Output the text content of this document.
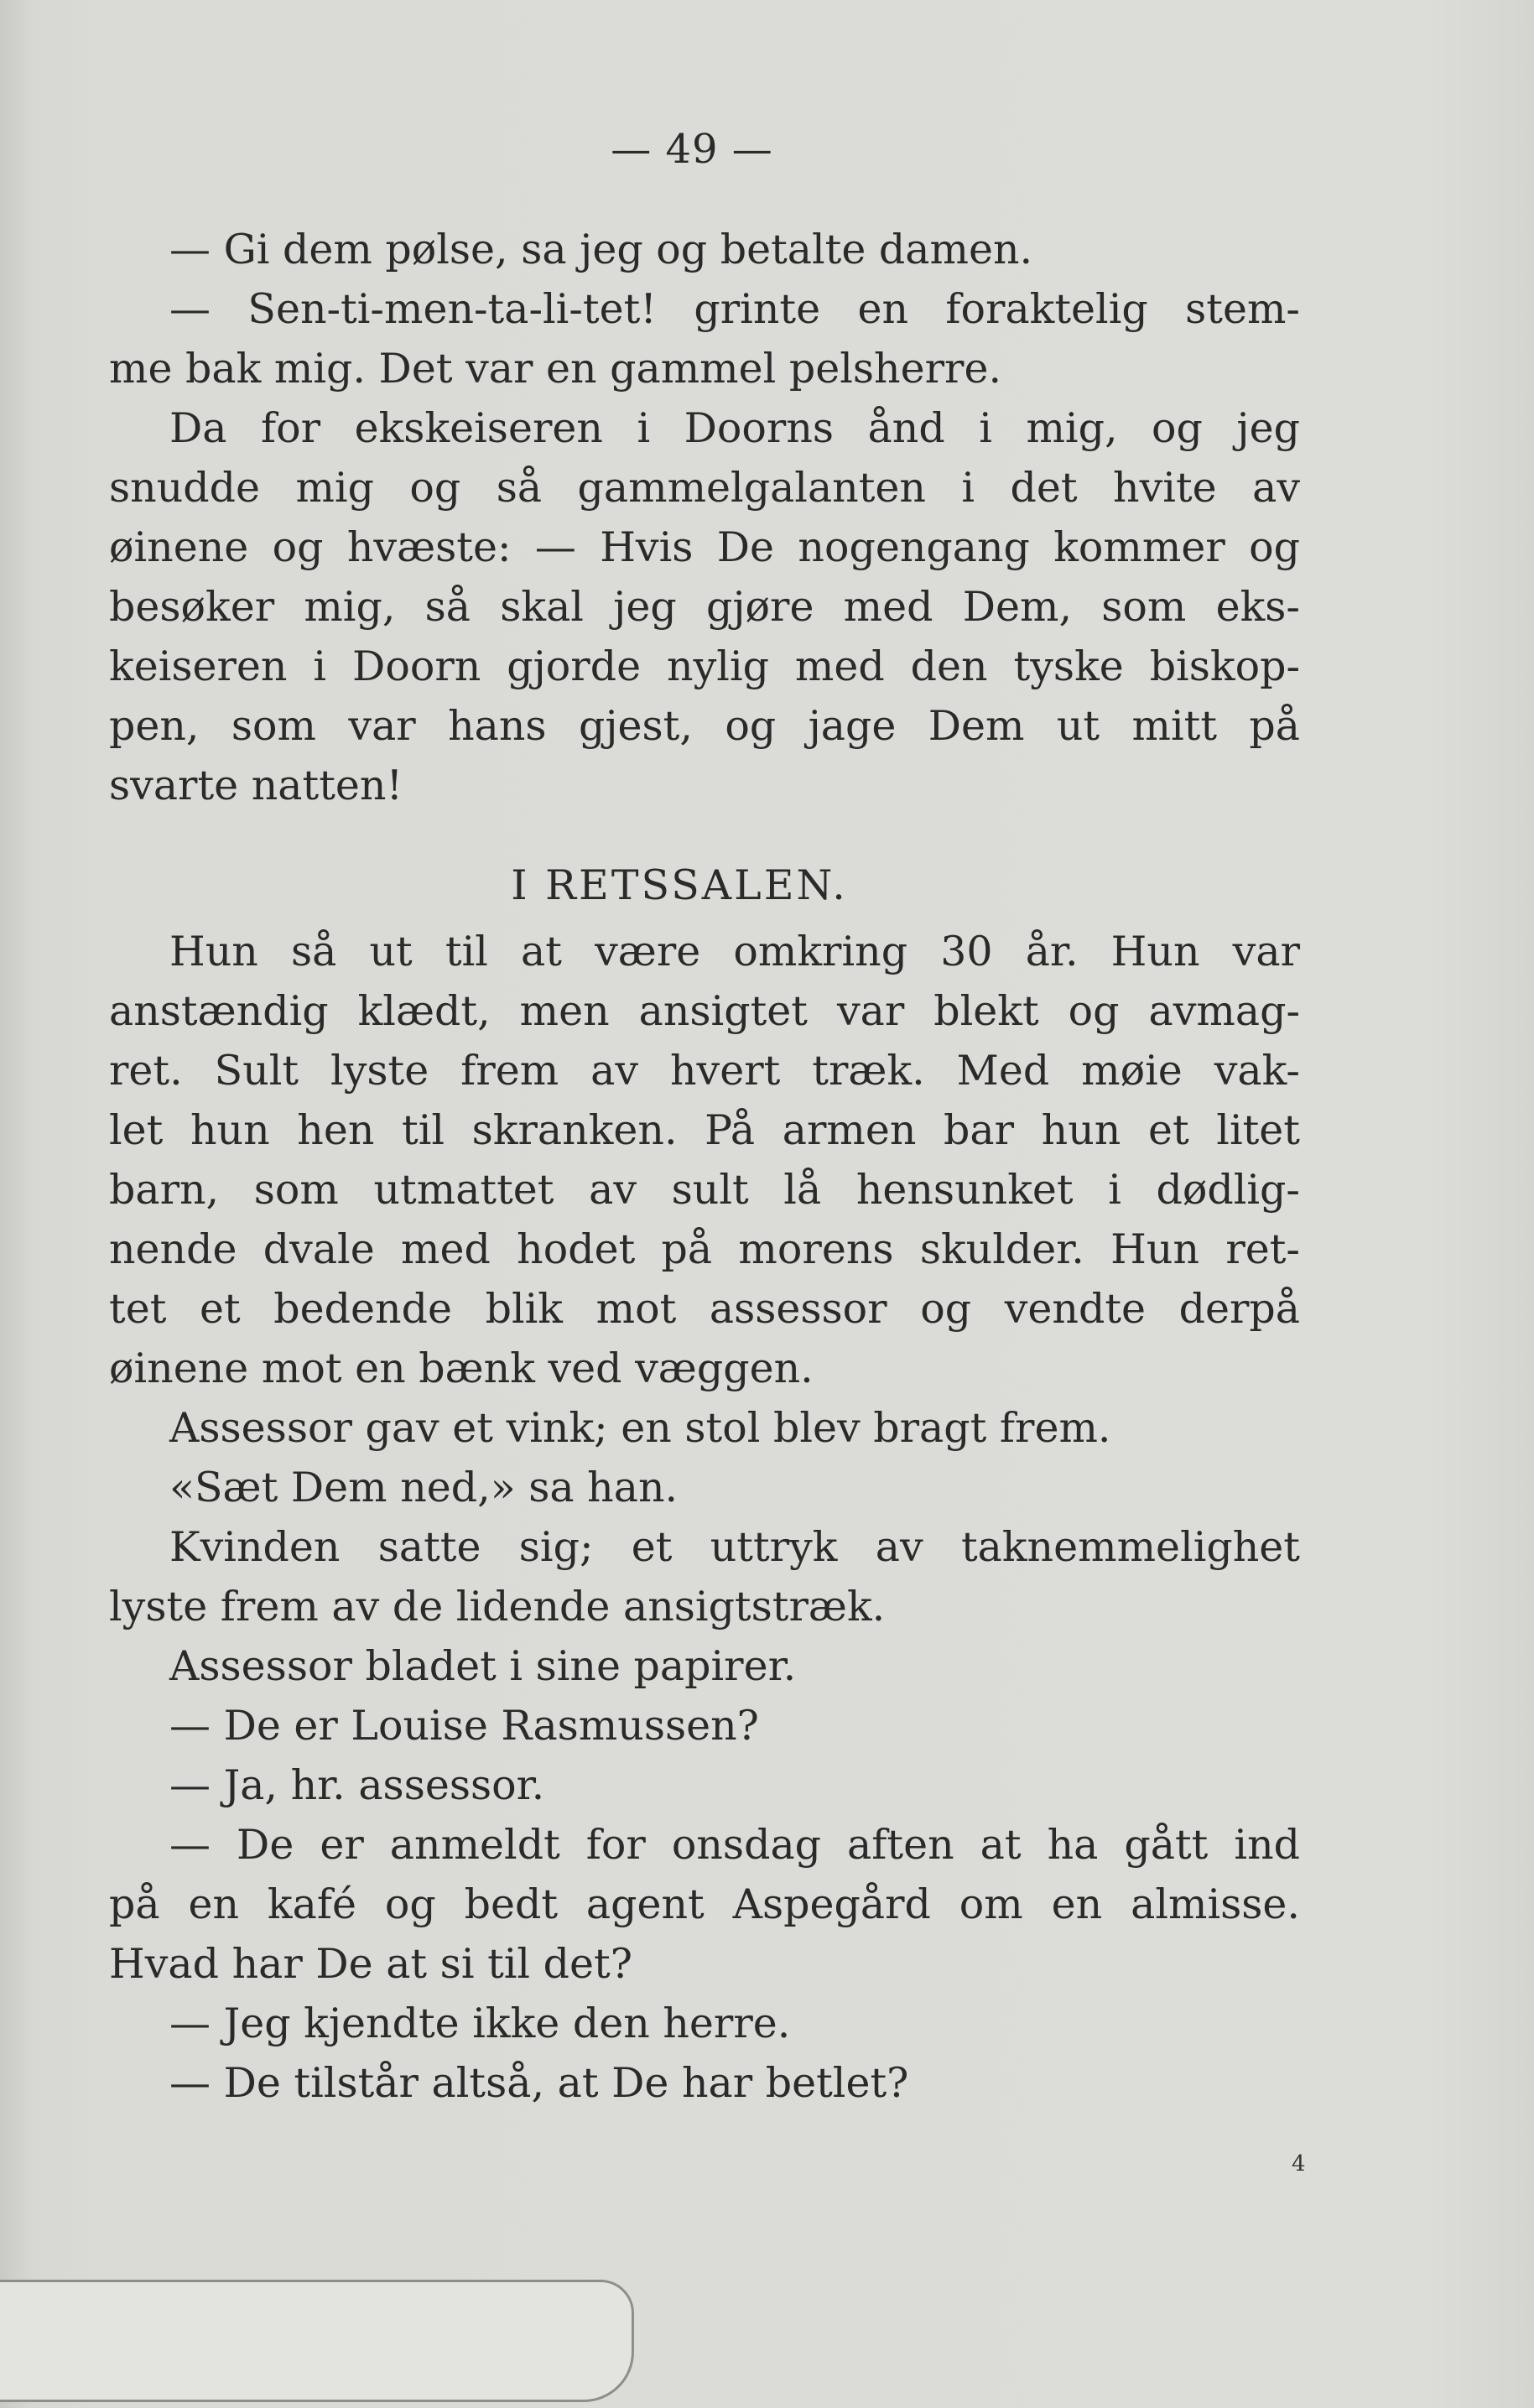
— 49 —
— Gi dem pølse, sa jeg og betalte damen.
— Sen-ti-men-ta-li-tet! grinte en foraktelig stem-
me bak mig. Det var en gammel pelsherre.
Da for ekskeiseren i Doorns ånd i mig, og jeg
snudde mig og så gammelgalanten i det hvite av
øinene og hvæste: — Hvis De nogengang kommer og
besøker mig, så skal jeg gjøre med Dem, som eks-
keiseren i Doorn gjorde nylig med den tyske biskop-
pen, som var hans gjest, og jage Dem ut mitt på
svarte natten!
I RETSSALEN.
Hun så ut til at være omkring 30 år. Hun var
anstændig klædt, men ansigtet var blekt og avmag-
ret. Sult lyste frem av hvert træk. Med møie vak-
let hun hen til skranken. På armen bar hun et litet
barn, som utmattet av sult lå hensunket i dødlig-
nende dvale med hodet på morens skulder. Hun ret-
tet et bedende blik mot assessor og vendte derpå
øinene mot en bænk ved væggen.
Assessor gav et vink; en stol blev bragt frem.
«Sæt Dem ned,» sa han.
Kvinden satte sig; et uttryk av taknemmelighet
lyste frem av de lidende ansigtstræk.
Assessor bladet i sine papirer.
— De er Louise Rasmussen?
— Ja, hr. assessor.
— De er anmeldt for onsdag aften at ha gått ind
på en kafé og bedt agent Aspegård om en almisse.
Hvad har De at si til det?
— Jeg kjendte ikke den herre.
— De tilstår altså, at De har betlet?
4
